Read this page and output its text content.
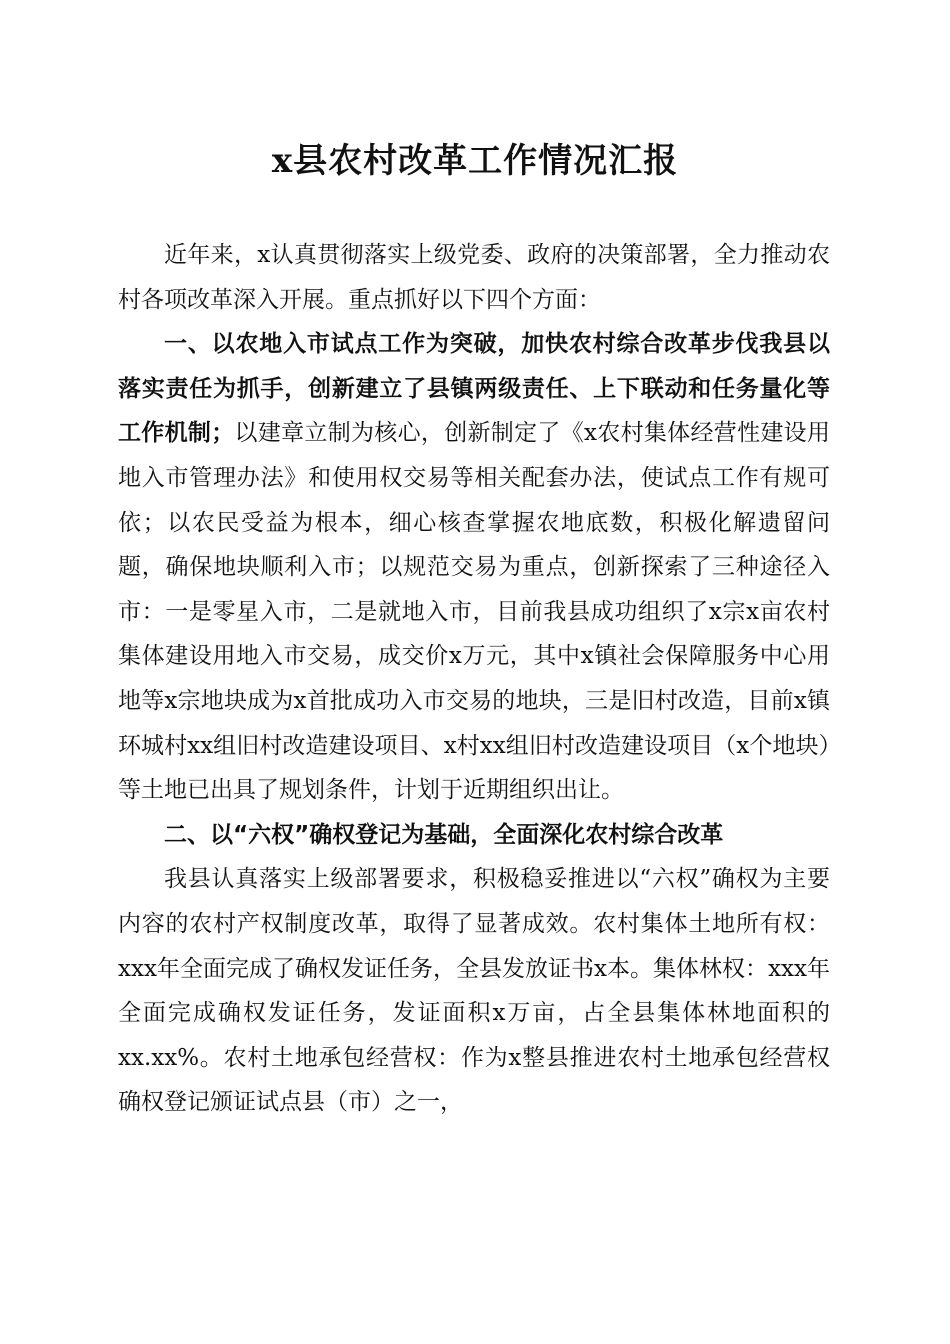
x县农村改革工作情况汇报

近年来，x认真贯彻落实上级党委、政府的决策部署，全力推动农村各项改革深入开展。重点抓好以下四个方面：

一、以农地入市试点工作为突破，加快农村综合改革步伐我县以落实责任为抓手，创新建立了县镇两级责任、上下联动和任务量化等工作机制；以建章立制为核心，创新制定了《x农村集体经营性建设用地入市管理办法》和使用权交易等相关配套办法，使试点工作有规可依；以农民受益为根本，细心核查掌握农地底数，积极化解遗留问题，确保地块顺利入市；以规范交易为重点，创新探索了三种途径入市：一是零星入市，二是就地入市，目前我县成功组织了x宗x亩农村集体建设用地入市交易，成交价x万元，其中x镇社会保障服务中心用地等x宗地块成为x首批成功入市交易的地块，三是旧村改造，目前x镇环城村xx组旧村改造建设项目、x村xx组旧村改造建设项目（x个地块）等土地已出具了规划条件，计划于近期组织出让。

二、以“六权”确权登记为基础，全面深化农村综合改革

我县认真落实上级部署要求，积极稳妥推进以“六权”确权为主要内容的农村产权制度改革，取得了显著成效。农村集体土地所有权：xxx年全面完成了确权发证任务，全县发放证书x本。集体林权：xxx年全面完成确权发证任务，发证面积x万亩，占全县集体林地面积的xx.xx%。农村土地承包经营权：作为x整县推进农村土地承包经营权确权登记颁证试点县（市）之一，
